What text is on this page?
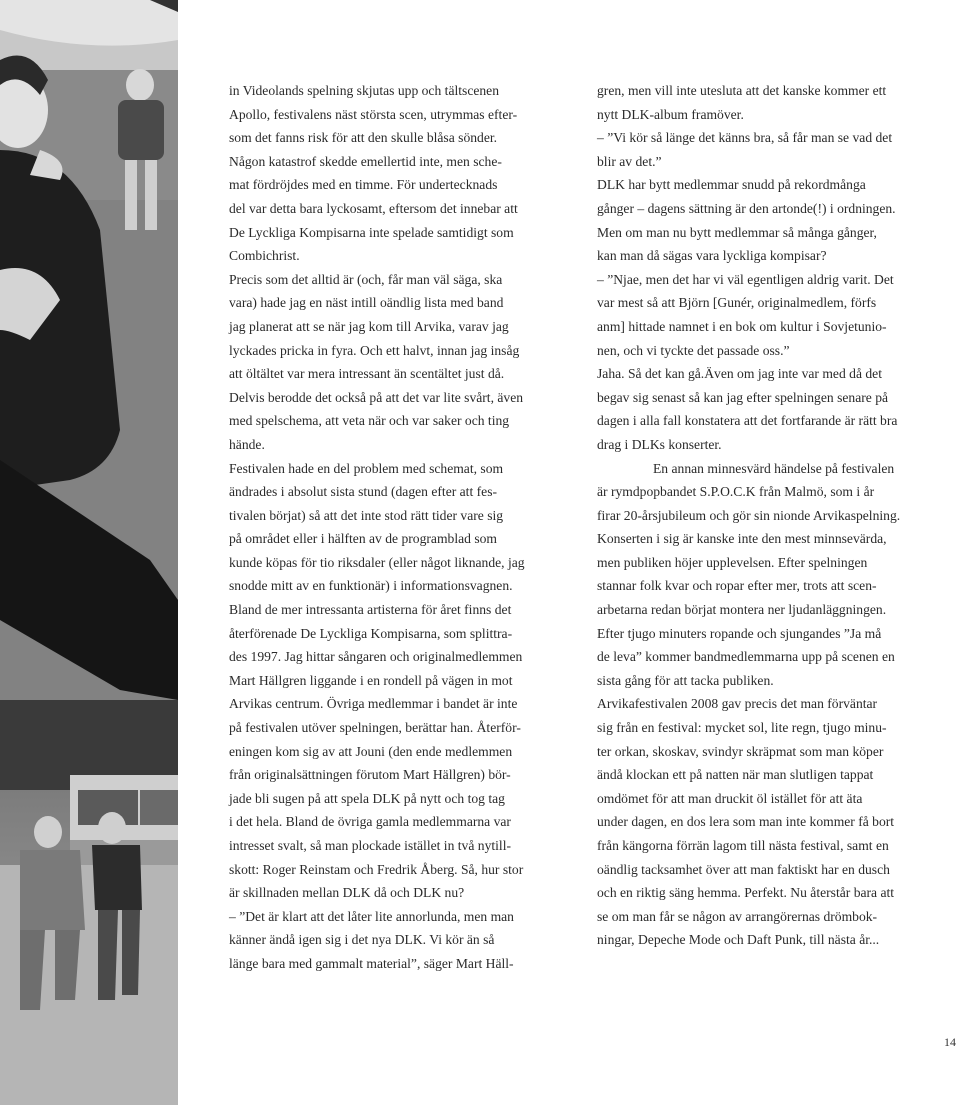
in Videolands spelning skjutas upp och tältscenen

Apollo, festivalens näst största scen, utrymmas efter-

som det fanns risk för att den skulle blåsa sönder.

Någon katastrof skedde emellertid inte, men sche-

mat fördröjdes med en timme. För undertecknads

del var detta bara lyckosamt, eftersom det innebar att

De Lyckliga Kompisarna inte spelade samtidigt som

Combichrist.

Precis som det alltid är (och, får man väl säga, ska

vara) hade jag en näst intill oändlig lista med band

jag planerat att se när jag kom till Arvika, varav jag

lyckades pricka in fyra. Och ett halvt, innan jag insåg

att öltältet var mera intressant än scentältet just då.

Delvis berodde det också på att det var lite svårt, även

med spelschema, att veta när och var saker och ting

hände.

Festivalen hade en del problem med schemat, som

ändrades i absolut sista stund (dagen efter att fes-

tivalen börjat) så att det inte stod rätt tider vare sig

på området eller i hälften av de programblad som

kunde köpas för tio riksdaler (eller något liknande, jag

snodde mitt av en funktionär) i informationsvagnen.

Bland de mer intressanta artisterna för året finns det

återförenade De Lyckliga Kompisarna, som splittra-

des 1997. Jag hittar sångaren och originalmedlemmen

Mart Hällgren liggande i en rondell på vägen in mot

Arvikas centrum. Övriga medlemmar i bandet är inte

på festivalen utöver spelningen, berättar han. Återför-

eningen kom sig av att Jouni (den ende medlemmen

från originalsättningen förutom Mart Hällgren) bör-

jade bli sugen på att spela DLK på nytt och tog tag

i det hela. Bland de övriga gamla medlemmarna var

intresset svalt, så man plockade istället in två nytill-

skott: Roger Reinstam och Fredrik Åberg. Så, hur stor

är skillnaden mellan DLK då och DLK nu?

– ”Det är klart att det låter lite annorlunda, men man

känner ändå igen sig i det nya DLK. Vi kör än så

länge bara med gammalt material”, säger Mart Häll-

gren, men vill inte utesluta att det kanske kommer ett

nytt DLK-album framöver.

– ”Vi kör så länge det känns bra, så får man se vad det

blir av det.”

DLK har bytt medlemmar snudd på rekordmånga

gånger – dagens sättning är den artonde(!) i ordningen.

Men om man nu bytt medlemmar så många gånger,

kan man då sägas vara lyckliga kompisar?

– ”Njae, men det har vi väl egentligen aldrig varit. Det

var mest så att Björn [Gunér, originalmedlem, förfs

anm] hittade namnet i en bok om kultur i Sovjetunio-

nen, och vi tyckte det passade oss.”

Jaha. Så det kan gå.Även om jag inte var med då det

begav sig senast så kan jag efter spelningen senare på

dagen i alla fall konstatera att det fortfarande är rätt bra

drag i DLKs konserter.

En annan minnesvärd händelse på festivalen

är rymdpopbandet S.P.O.C.K från Malmö, som i år

firar 20-årsjubileum och gör sin nionde Arvikaspelning.

Konserten i sig är kanske inte den mest minnsevärda,

men publiken höjer upplevelsen. Efter spelningen

stannar folk kvar och ropar efter mer, trots att scen-

arbetarna redan börjat montera ner ljudanläggningen.

Efter tjugo minuters ropande och sjungandes ”Ja må

de leva” kommer bandmedlemmarna upp på scenen en

sista gång för att tacka publiken.

Arvikafestivalen 2008 gav precis det man förväntar

sig från en festival: mycket sol, lite regn, tjugo minu-

ter orkan, skoskav, svindyr skräpmat som man köper

ändå klockan ett på natten när man slutligen tappat

omdömet för att man druckit öl istället för att äta

under dagen, en dos lera som man inte kommer få bort

från kängorna förrän lagom till nästa festival, samt en

oändlig tacksamhet över att man faktiskt har en dusch

och en riktig säng hemma. Perfekt. Nu återstår bara att

se om man får se någon av arrangörernas drömbok-

ningar, Depeche Mode och Daft Punk, till nästa år...

14
